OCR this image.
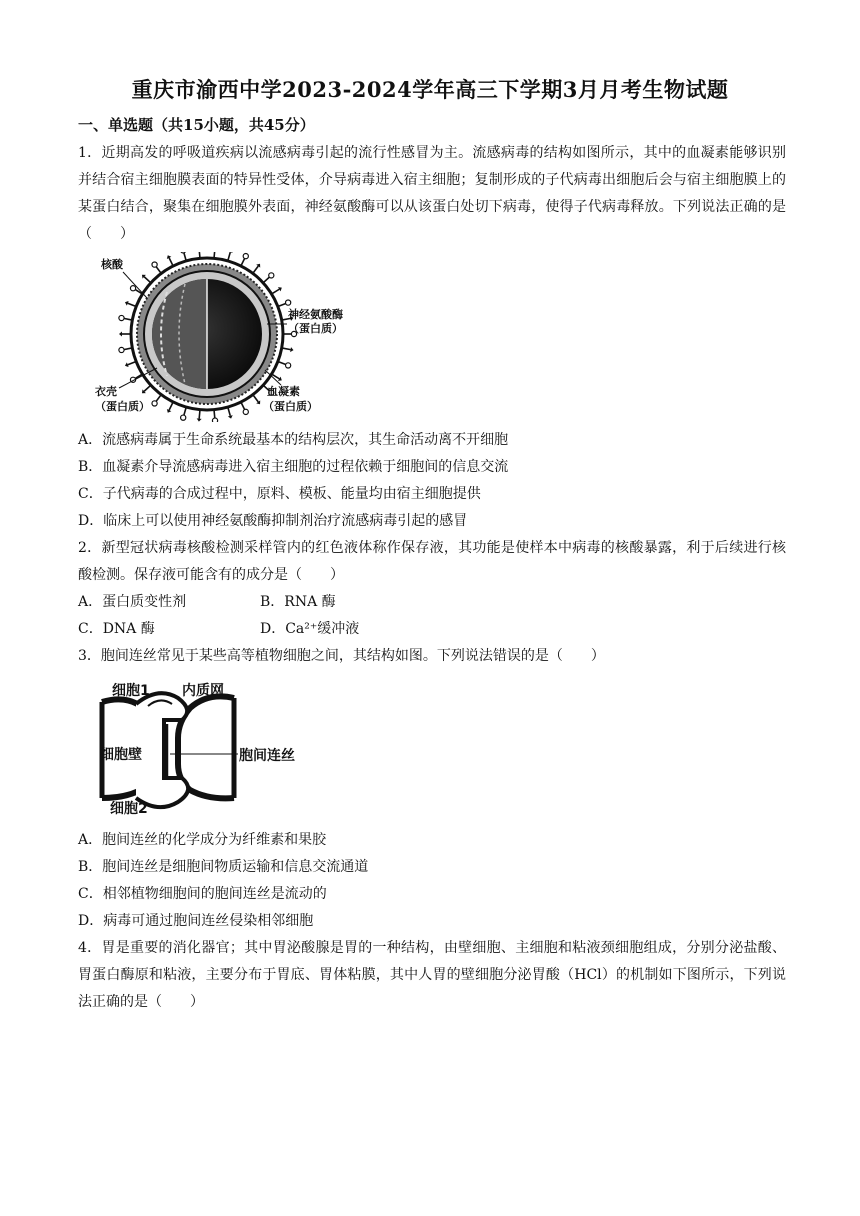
重庆市渝西中学2023-2024学年高三下学期3月月考生物试题
一、单选题（共15小题，共45分）
1．近期高发的呼吸道疾病以流感病毒引起的流行性感冒为主。流感病毒的结构如图所示，其中的血凝素能够识别并结合宿主细胞膜表面的特异性受体，介导病毒进入宿主细胞；复制形成的子代病毒出细胞后会与宿主细胞膜上的某蛋白结合，聚集在细胞膜外表面，神经氨酸酶可以从该蛋白处切下病毒，使得子代病毒释放。下列说法正确的是（　　）
核酸
神经氨酸酶
（蛋白质）
衣壳
（蛋白质）
血凝素
（蛋白质）
A．流感病毒属于生命系统最基本的结构层次，其生命活动离不开细胞
B．血凝素介导流感病毒进入宿主细胞的过程依赖于细胞间的信息交流
C．子代病毒的合成过程中，原料、模板、能量均由宿主细胞提供
D．临床上可以使用神经氨酸酶抑制剂治疗流感病毒引起的感冒
2．新型冠状病毒核酸检测采样管内的红色液体称作保存液，其功能是使样本中病毒的核酸暴露，利于后续进行核酸检测。保存液可能含有的成分是（　　）
A．蛋白质变性剂	B．RNA 酶
C．DNA 酶	D．Ca²⁺缓冲液
3．胞间连丝常见于某些高等植物细胞之间，其结构如图。下列说法错误的是（　　）
细胞1 内质网
细胞壁	胞间连丝
细胞2
A．胞间连丝的化学成分为纤维素和果胶
B．胞间连丝是细胞间物质运输和信息交流通道
C．相邻植物细胞间的胞间连丝是流动的
D．病毒可通过胞间连丝侵染相邻细胞
4．胃是重要的消化器官；其中胃泌酸腺是胃的一种结构，由壁细胞、主细胞和粘液颈细胞组成，分别分泌盐酸、胃蛋白酶原和粘液，主要分布于胃底、胃体粘膜，其中人胃的壁细胞分泌胃酸（HCl）的机制如下图所示，下列说法正确的是（　　）
